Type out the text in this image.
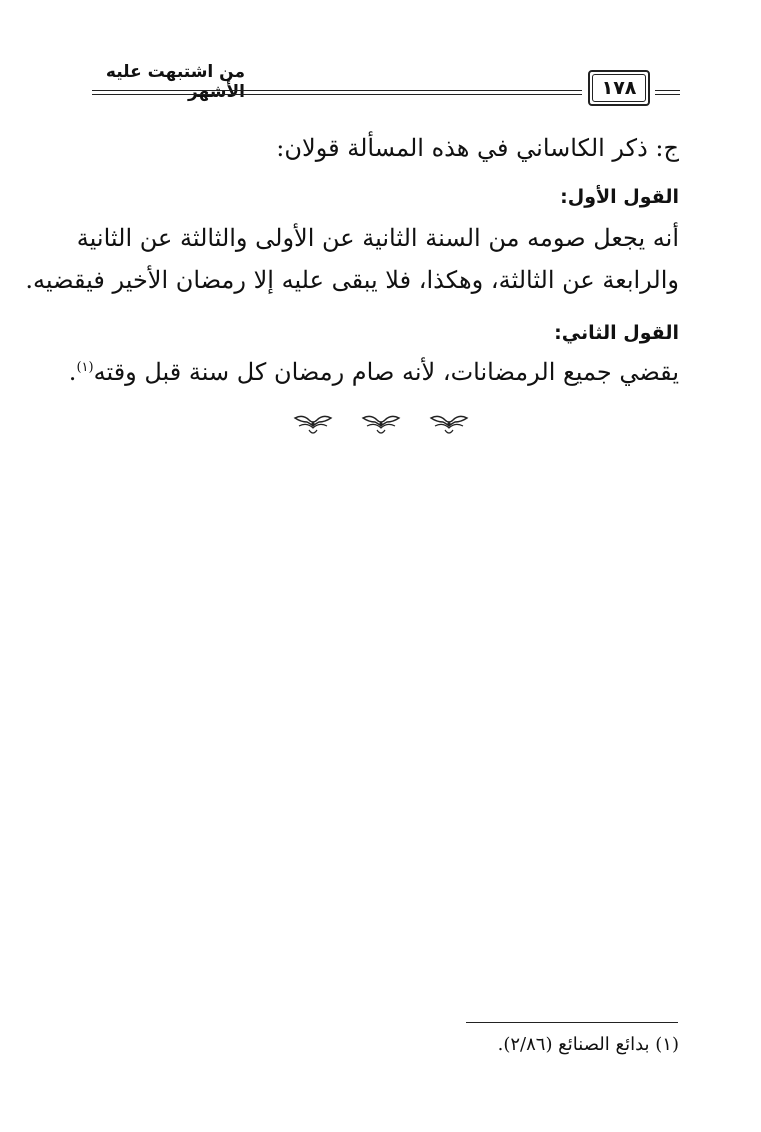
من اشتبهت عليه الأشهر	١٧٨
ج: ذكر الكاساني في هذه المسألة قولان:
القول الأول:
أنه يجعل صومه من السنة الثانية عن الأولى والثالثة عن الثانية
والرابعة عن الثالثة، وهكذا، فلا يبقى عليه إلا رمضان الأخير فيقضيه.
القول الثاني:
يقضي جميع الرمضانات، لأنه صام رمضان كل سنة قبل وقته$^{(١)}$.
(١) بدائع الصنائع (٢/٨٦).
